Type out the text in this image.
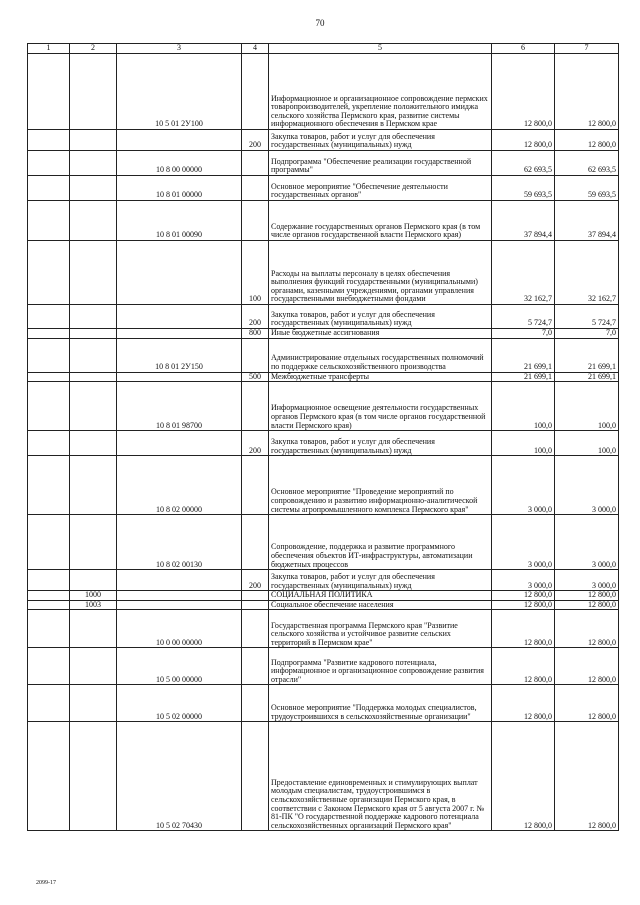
70
1	2	3	4	5	6	7
		10 5 01 2У100		Информационное и организационное сопровождение пермских товаропроизводителей, укрепление положительного имиджа сельского хозяйства Пермского края, развитие системы информационного обеспечения в Пермском крае	12 800,0	12 800,0
			200	Закупка товаров, работ и услуг для обеспечения государственных (муниципальных) нужд	12 800,0	12 800,0
		10 8 00 00000		Подпрограмма "Обеспечение реализации государственной программы"	62 693,5	62 693,5
		10 8 01 00000		Основное мероприятие "Обеспечение деятельности государственных органов"	59 693,5	59 693,5
		10 8 01 00090		Содержание государственных органов Пермского края (в том числе органов государственной власти Пермского края)	37 894,4	37 894,4
			100	Расходы на выплаты персоналу в целях обеспечения выполнения функций государственными (муниципальными) органами, казенными учреждениями, органами управления государственными внебюджетными фондами	32 162,7	32 162,7
			200	Закупка товаров, работ и услуг для обеспечения государственных (муниципальных) нужд	5 724,7	5 724,7
			800	Иные бюджетные ассигнования	7,0	7,0
		10 8 01 2У150		Администрирование отдельных государственных полномочий по поддержке сельскохозяйственного производства	21 699,1	21 699,1
			500	Межбюджетные трансферты	21 699,1	21 699,1
		10 8 01 98700		Информационное освещение деятельности государственных органов Пермского края (в том числе органов государственной власти Пермского края)	100,0	100,0
			200	Закупка товаров, работ и услуг для обеспечения государственных (муниципальных) нужд	100,0	100,0
		10 8 02 00000		Основное мероприятие "Проведение мероприятий по сопровождению и развитию информационно-аналитической системы агропромышленного комплекса Пермского края"	3 000,0	3 000,0
		10 8 02 00130		Сопровождение, поддержка и развитие программного обеспечения объектов ИТ-инфраструктуры, автоматизации бюджетных процессов	3 000,0	3 000,0
			200	Закупка товаров, работ и услуг для обеспечения государственных (муниципальных) нужд	3 000,0	3 000,0
	1000			СОЦИАЛЬНАЯ ПОЛИТИКА	12 800,0	12 800,0
	1003			Социальное обеспечение населения	12 800,0	12 800,0
		10 0 00 00000		Государственная программа Пермского края "Развитие сельского хозяйства и устойчивое развитие сельских территорий в Пермском крае"	12 800,0	12 800,0
		10 5 00 00000		Подпрограмма "Развитие кадрового потенциала, информационное и организационное сопровождение развития отрасли"	12 800,0	12 800,0
		10 5 02 00000		Основное мероприятие "Поддержка молодых специалистов, трудоустроившихся в сельскохозяйственные организации"	12 800,0	12 800,0
		10 5 02 70430		Предоставление единовременных и стимулирующих выплат молодым специалистам, трудоустроившимся в сельскохозяйственные организации Пермского края, в соответствии с Законом Пермского края от 5 августа 2007 г. № 81-ПК "О государственной поддержке кадрового потенциала сельскохозяйственных организаций Пермского края"	12 800,0	12 800,0
2099-17
